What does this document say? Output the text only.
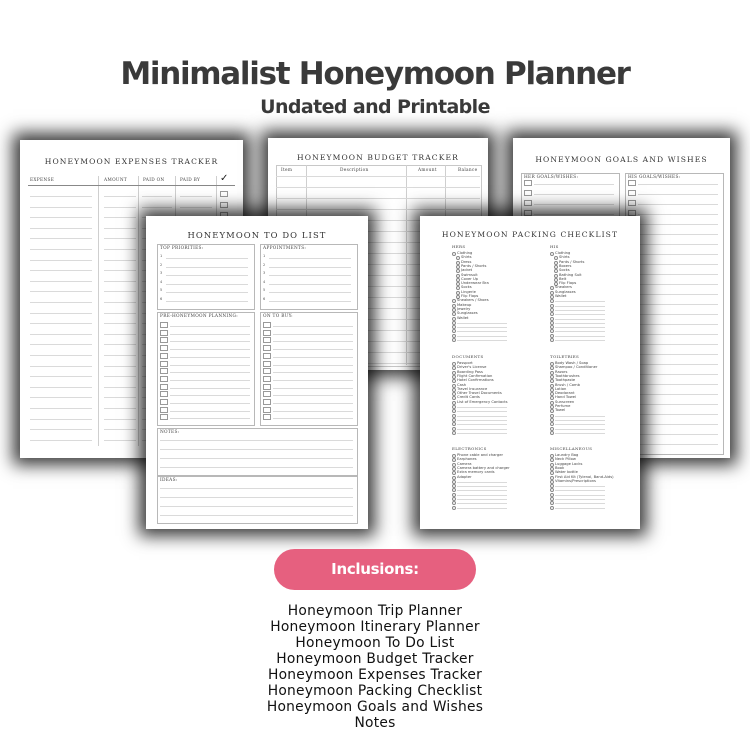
Minimalist Honeymoon Planner
Undated and Printable
HONEYMOON EXPENSES TRACKER
EXPENSE	AMOUNT	PAID ON	PAID BY ✓
HONEYMOON BUDGET TRACKER
Item	Description	Amount	Balance
HONEYMOON GOALS AND WISHES
HER GOALS/WISHES:	HIS GOALS/WISHES:
HONEYMOON TO DO LIST
TOP PRIORITIES:	APPOINTMENTS:
PRE-HONEYMOON PLANNING:	ON TO BUY:
NOTES:
IDEAS:
1	1
2	2
3	3
4	4
5	5
6	6
HONEYMOON PACKING CHECKLIST
HERS
Clothing
Shirts
Dress
Pants / Shorts
Jacket
Swimsuit
Cover Up
Underwear Bra
Socks
Lingerie
Flip Flops
Sneakers / Shoes
Makeup
Jewelry
Sunglasses
Wallet
HIS
Clothing
Shirts
Pants / Shorts
Boxers
Socks
Bathing Suit
Belt
Flip Flops
Sneakers
Sunglasses
Wallet
DOCUMENTS
Passport
Driver's License
Boarding Pass
Flight Confirmation
Hotel Confirmations
Cash
Travel Insurance
Other Travel Documents
Credit Cards
List of Emergency Contacts
TOILETRIES
Body Wash / Soap
Shampoo / Conditioner
Razors
Toothbrushes
Toothpaste
Brush / Comb
Lotion
Deodorant
Hand Towel
Sunscreen
Perfume
Towel
ELECTRONICS
Phone cable and charger
Earphones
Camera
Camera battery and charger
Extra memory cards
Adapter
MISCELLANEOUS
Laundry Bag
Neck Pillow
Luggage Locks
Book
Water bottle
First Aid Kit (Tylenol, Band-Aids)
Vitamins/Prescriptions
Inclusions:
Honeymoon Trip Planner
Honeymoon Itinerary Planner
Honeymoon To Do List
Honeymoon Budget Tracker
Honeymoon Expenses Tracker
Honeymoon Packing Checklist
Honeymoon Goals and Wishes
Notes
